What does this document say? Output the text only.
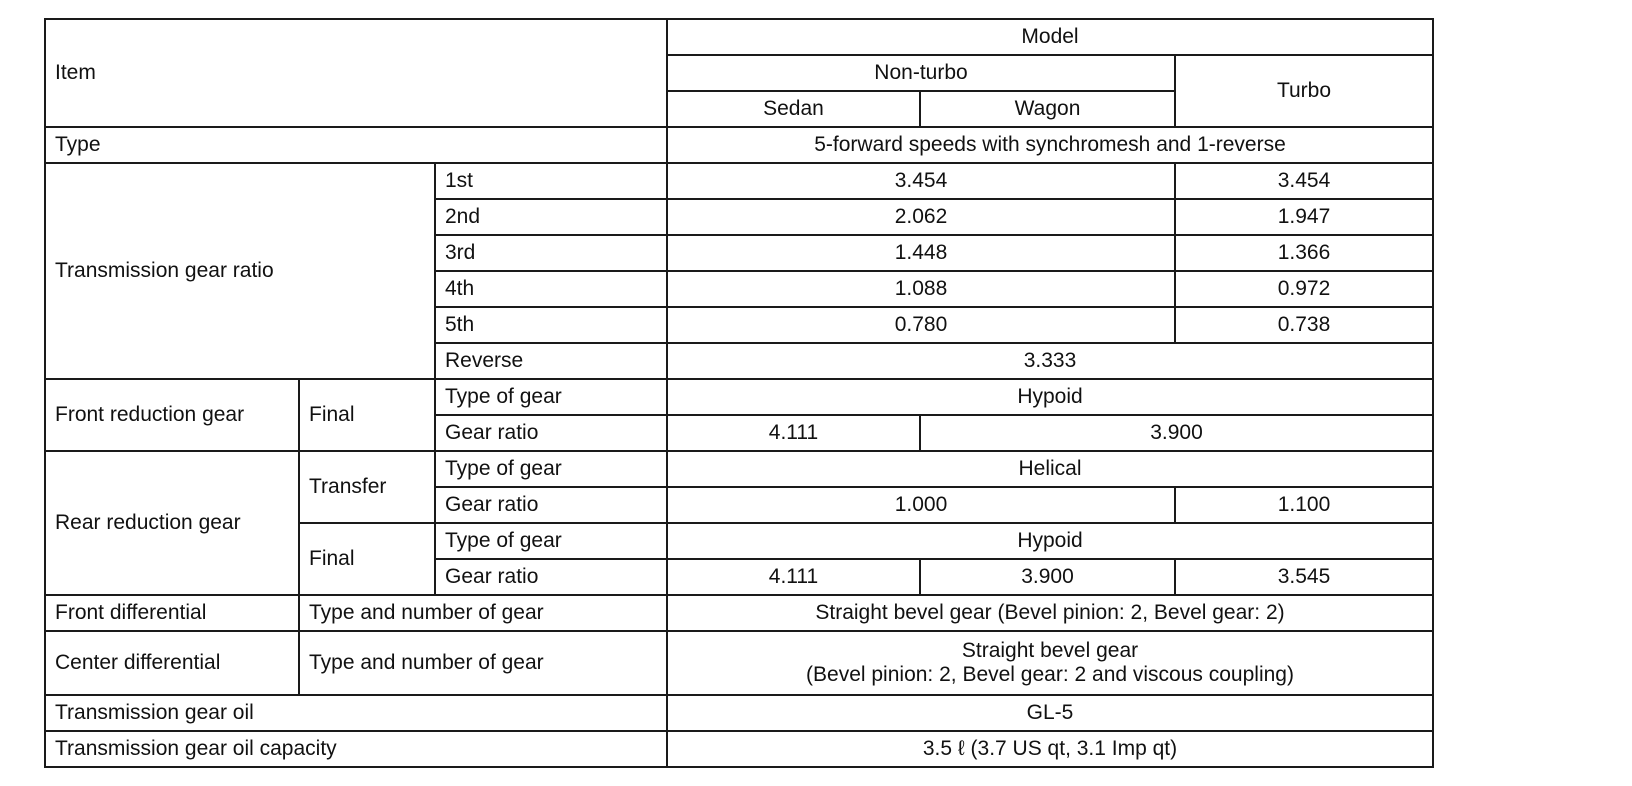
Item			Model		
			Non-turbo		Turbo
			Sedan	Wagon	
Type			5-forward speeds with synchromesh and 1-reverse		
Transmission gear ratio		1st	3.454		3.454
		2nd	2.062		1.947
		3rd	1.448		1.366
		4th	1.088		0.972
		5th	0.780		0.738
		Reverse	3.333		
Front reduction gear	Final	Type of gear	Hypoid		
		Gear ratio	4.111	3.900	
Rear reduction gear	Transfer	Type of gear	Helical		
		Gear ratio	1.000		1.100
	Final	Type of gear	Hypoid		
		Gear ratio	4.111	3.900	3.545
Front differential	Type and number of gear		Straight bevel gear (Bevel pinion: 2, Bevel gear: 2)		
Center differential	Type and number of gear		Straight bevel gear
(Bevel pinion: 2, Bevel gear: 2 and viscous coupling)		

Transmission gear oil			GL-5		
Transmission gear oil capacity			3.5 ℓ (3.7 US qt, 3.1 Imp qt)		
